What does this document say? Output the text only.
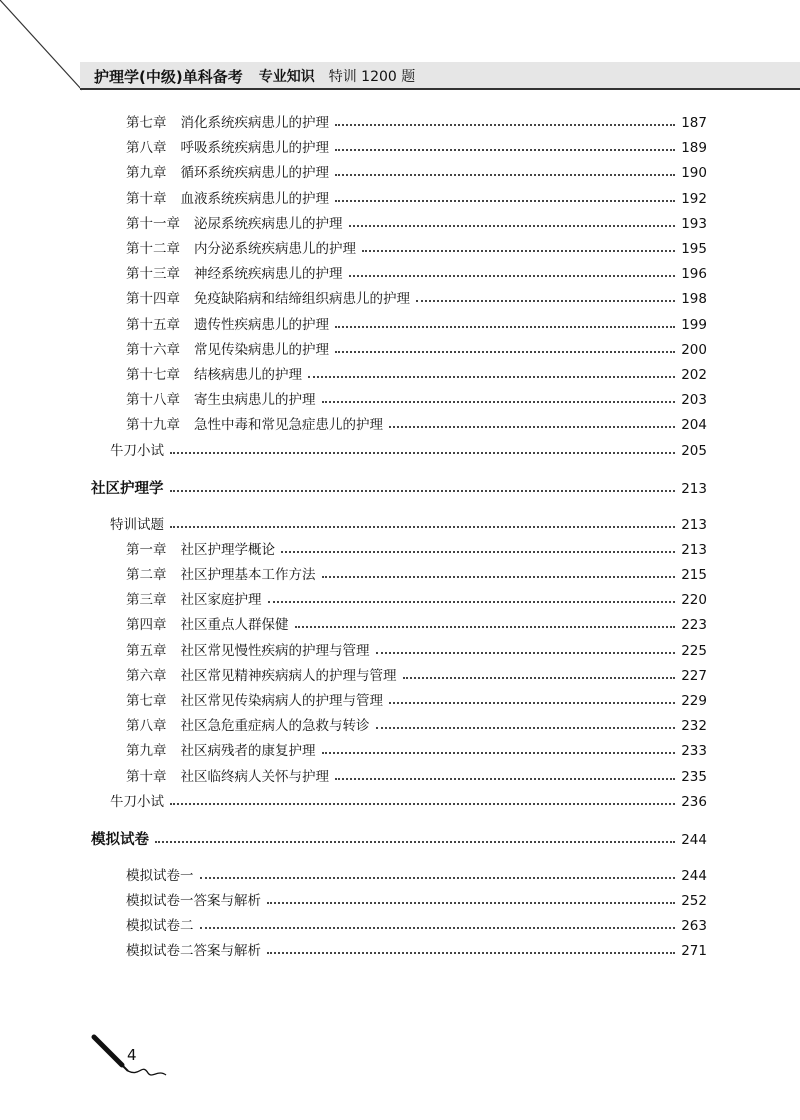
护理学(中级)单科备考 专业知识 特训 1200 题
第七章 消化系统疾病患儿的护理	187
第八章 呼吸系统疾病患儿的护理	189
第九章 循环系统疾病患儿的护理	190
第十章 血液系统疾病患儿的护理	192
第十一章 泌尿系统疾病患儿的护理	193
第十二章 内分泌系统疾病患儿的护理	195
第十三章 神经系统疾病患儿的护理	196
第十四章 免疫缺陷病和结缔组织病患儿的护理	198
第十五章 遗传性疾病患儿的护理	199
第十六章 常见传染病患儿的护理	200
第十七章 结核病患儿的护理	202
第十八章 寄生虫病患儿的护理	203
第十九章 急性中毒和常见急症患儿的护理	204
牛刀小试	205
社区护理学	213
特训试题	213
第一章 社区护理学概论	213
第二章 社区护理基本工作方法	215
第三章 社区家庭护理	220
第四章 社区重点人群保健	223
第五章 社区常见慢性疾病的护理与管理	225
第六章 社区常见精神疾病病人的护理与管理	227
第七章 社区常见传染病病人的护理与管理	229
第八章 社区急危重症病人的急救与转诊	232
第九章 社区病残者的康复护理	233
第十章 社区临终病人关怀与护理	235
牛刀小试	236
模拟试卷	244
模拟试卷一	244
模拟试卷一答案与解析	252
模拟试卷二	263
模拟试卷二答案与解析	271
4
